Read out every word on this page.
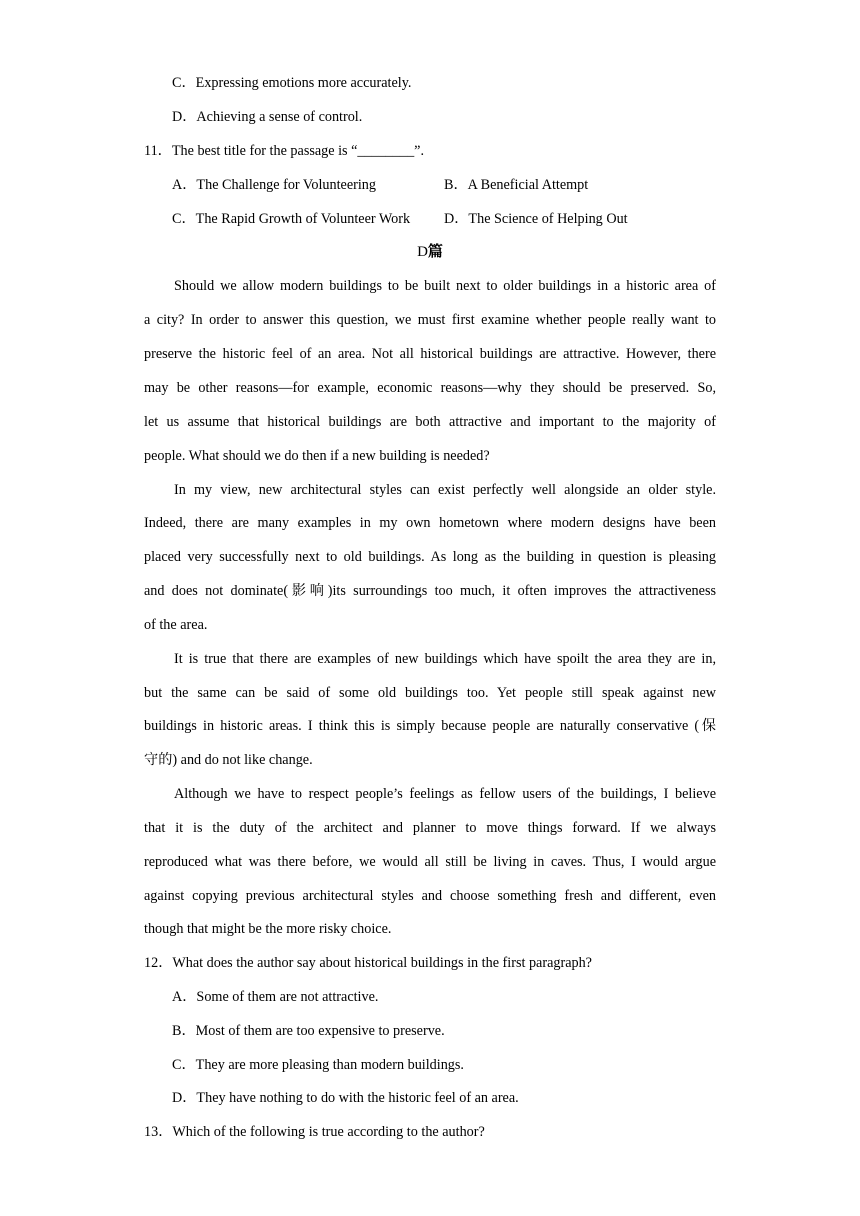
C．Expressing emotions more accurately.
D．Achieving a sense of control.
11．The best title for the passage is “________”.
A．The Challenge for Volunteering	B．A Beneficial Attempt
C．The Rapid Growth of Volunteer Work D．The Science of Helping Out
D篇
Should we allow modern buildings to be built next to older buildings in a historic area of
a city? In order to answer this question, we must first examine whether people really want to
preserve the historic feel of an area. Not all historical buildings are attractive. However, there
may be other reasons—for example, economic reasons—why they should be preserved. So,
let us assume that historical buildings are both attractive and important to the majority of
people. What should we do then if a new building is needed?
In my view, new architectural styles can exist perfectly well alongside an older style.
Indeed, there are many examples in my own hometown where modern designs have been
placed very successfully next to old buildings. As long as the building in question is pleasing
and does not dominate(影响)its surroundings too much, it often improves the attractiveness
of the area.
It is true that there are examples of new buildings which have spoilt the area they are in,
but the same can be said of some old buildings too. Yet people still speak against new
buildings in historic areas. I think this is simply because people are naturally conservative (保
守的) and do not like change.
Although we have to respect people’s feelings as fellow users of the buildings, I believe
that it is the duty of the architect and planner to move things forward. If we always
reproduced what was there before, we would all still be living in caves. Thus, I would argue
against copying previous architectural styles and choose something fresh and different, even
though that might be the more risky choice.
12．What does the author say about historical buildings in the first paragraph?
A．Some of them are not attractive.
B．Most of them are too expensive to preserve.
C．They are more pleasing than modern buildings.
D．They have nothing to do with the historic feel of an area.
13．Which of the following is true according to the author?
